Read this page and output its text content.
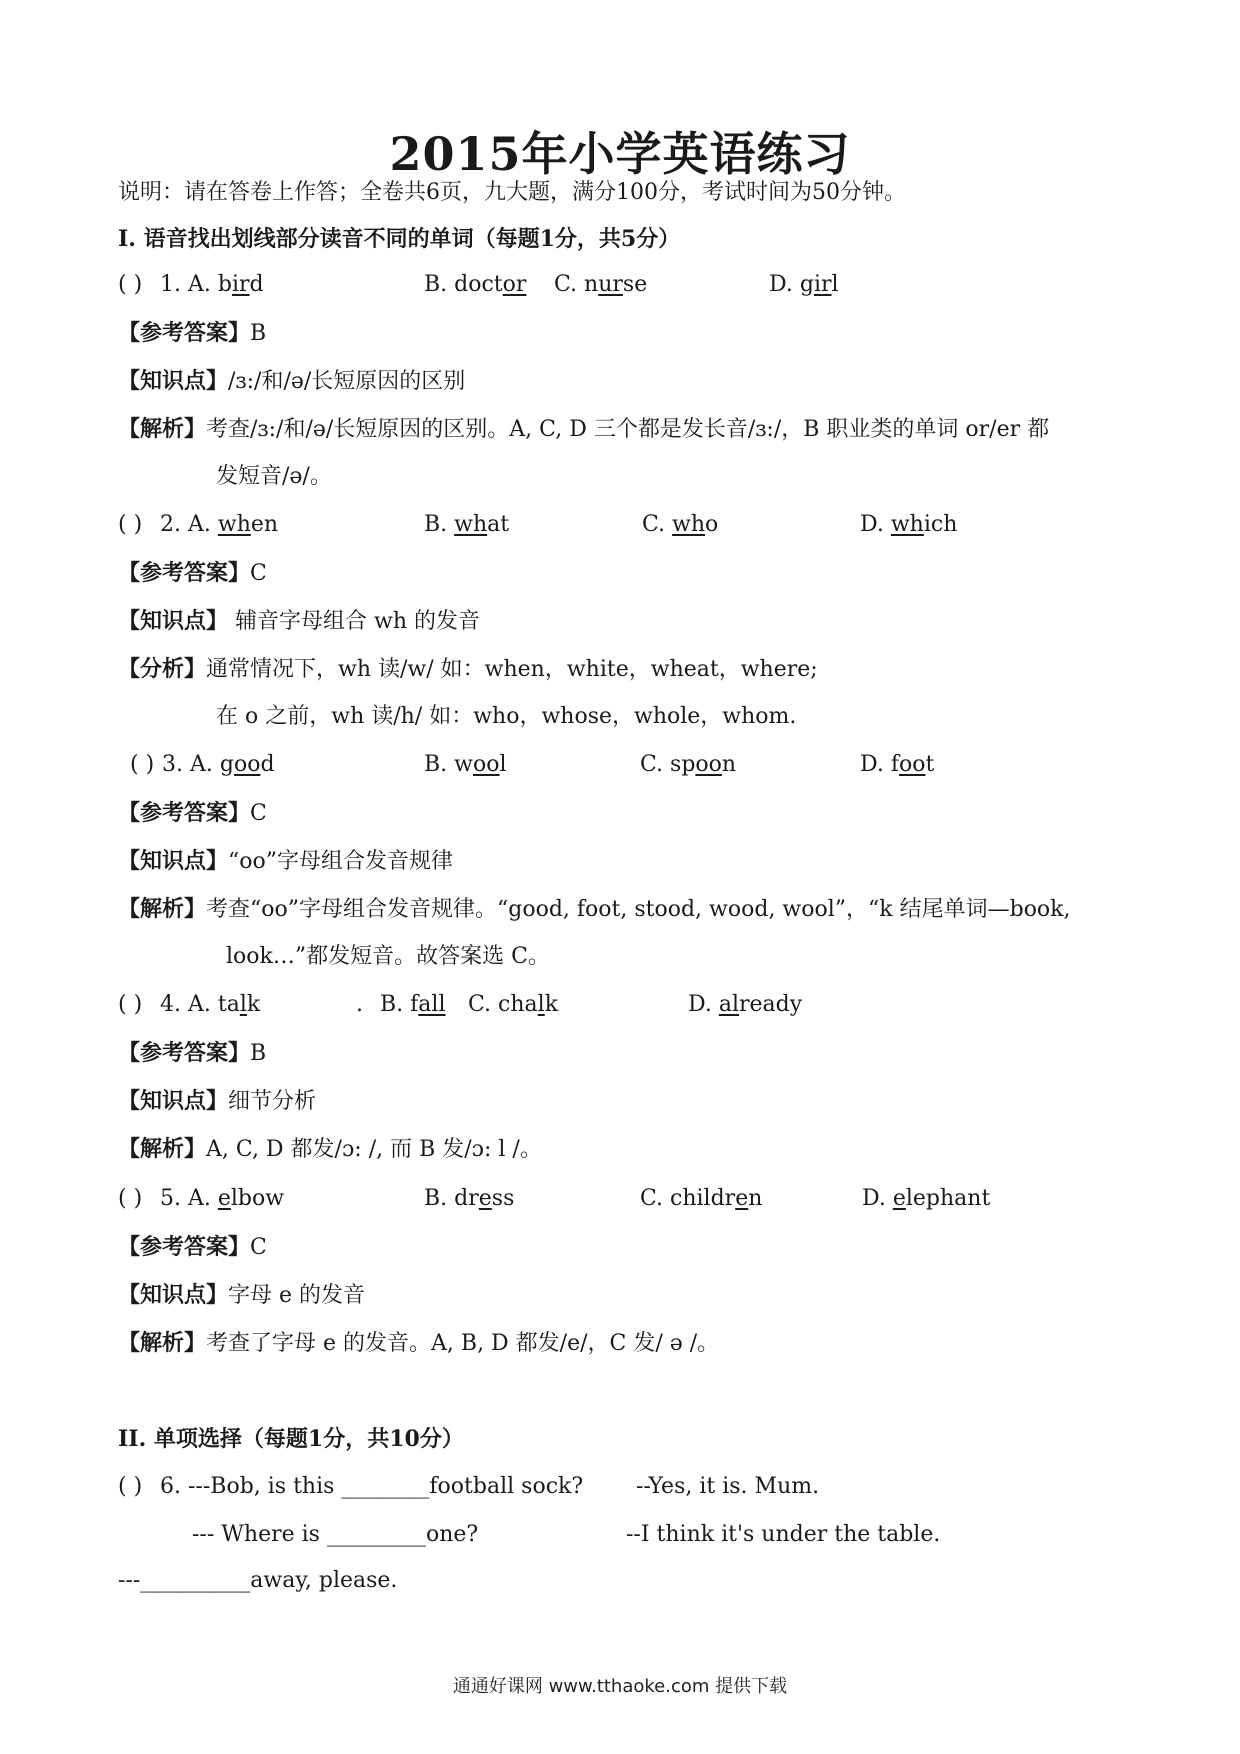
2015年小学英语练习
说明：请在答卷上作答；全卷共6页，九大题，满分100分，考试时间为50分钟。
I. 语音找出划线部分读音不同的单词（每题1分，共5分）
( ) 1. A. bird	B. doctor C. nurse	D. girl
【参考答案】B
【知识点】/ɜ:/和/ə/长短原因的区别
【解析】考查/ɜ:/和/ə/长短原因的区别。A, C, D 三个都是发长音/ɜ:/，B 职业类的单词 or/er 都
发短音/ə/。
( ) 2. A. when	B. what	C. who	D. which
【参考答案】C
【知识点】 辅音字母组合 wh 的发音
【分析】通常情况下，wh 读/w/ 如：when，white，wheat，where;
在 o 之前，wh 读/h/ 如：who，whose，whole，whom.
( ) 3. A. good	B. wool	C. spoon	D. foot
【参考答案】C
【知识点】“oo”字母组合发音规律
【解析】考查“oo”字母组合发音规律。“good, foot, stood, wood, wool”，“k 结尾单词—book,
look…”都发短音。故答案选 C。
( ) 4. A. talk	. B. fall C. chalk	D. already
【参考答案】B
【知识点】细节分析
【解析】A, C, D 都发/ɔ: /, 而 B 发/ɔ: l /。
( ) 5. A. elbow	B. dress	C. children	D. elephant
【参考答案】C
【知识点】字母 e 的发音
【解析】考查了字母 e 的发音。A, B, D 都发/e/，C 发/ ə /。
II. 单项选择（每题1分，共10分）
( ) 6. ---Bob, is this ________football sock? --Yes, it is. Mum.
--- Where is _________one?	--I think it's under the table.
---__________away, please.
通通好课网 www.tthaoke.com 提供下载
